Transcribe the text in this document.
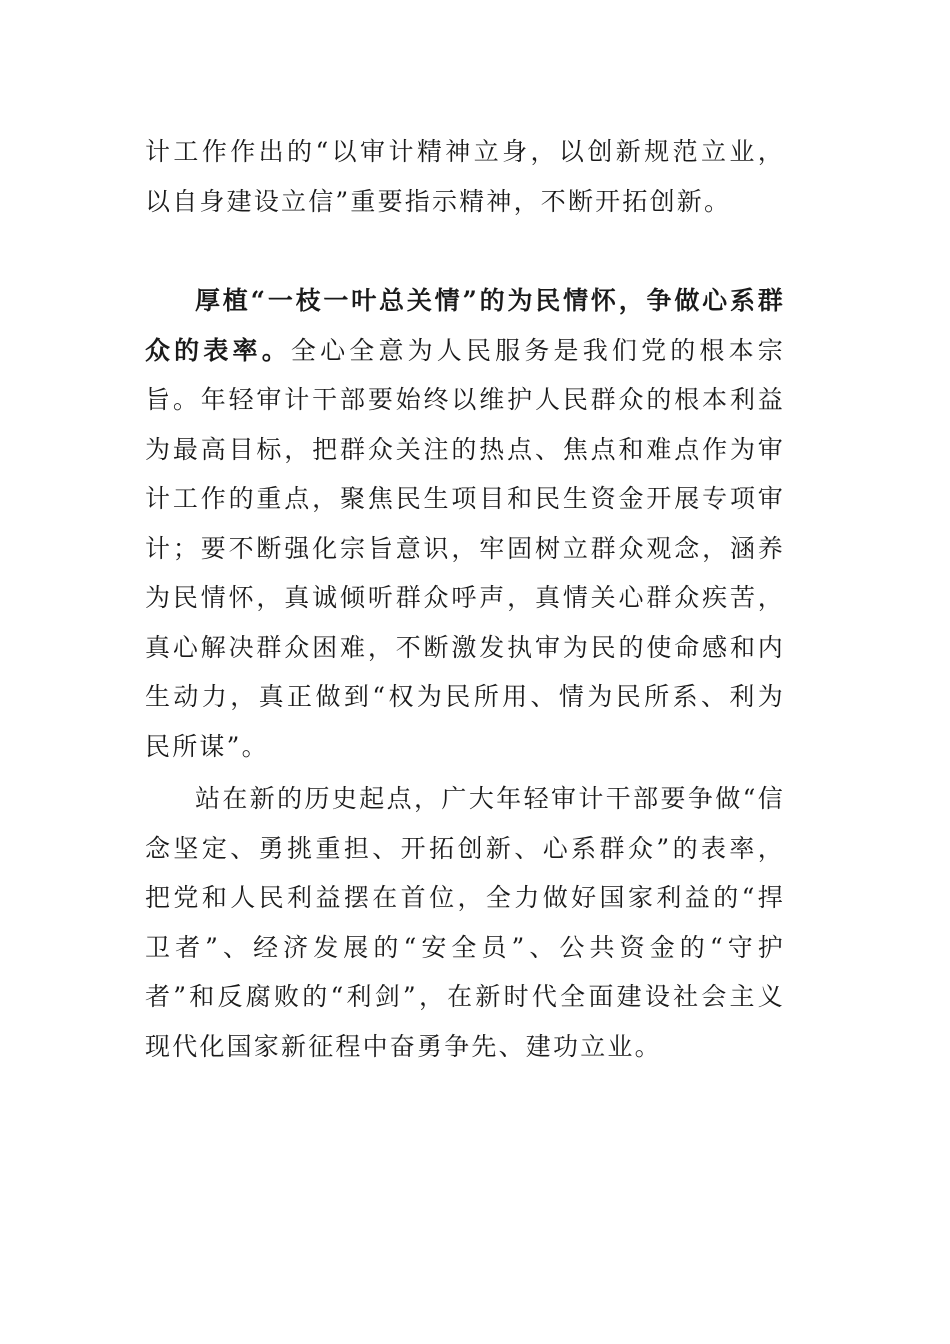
计工作作出的“以审计精神立身，以创新规范立业，以自身建设立信”重要指示精神，不断开拓创新。

厚植“一枝一叶总关情”的为民情怀，争做心系群众的表率。全心全意为人民服务是我们党的根本宗旨。年轻审计干部要始终以维护人民群众的根本利益为最高目标，把群众关注的热点、焦点和难点作为审计工作的重点，聚焦民生项目和民生资金开展专项审计；要不断强化宗旨意识，牢固树立群众观念，涵养为民情怀，真诚倾听群众呼声，真情关心群众疾苦，真心解决群众困难，不断激发执审为民的使命感和内生动力，真正做到“权为民所用、情为民所系、利为民所谋”。

站在新的历史起点，广大年轻审计干部要争做“信念坚定、勇挑重担、开拓创新、心系群众”的表率，把党和人民利益摆在首位，全力做好国家利益的“捍卫者”、经济发展的“安全员”、公共资金的“守护者”和反腐败的“利剑”，在新时代全面建设社会主义现代化国家新征程中奋勇争先、建功立业。
